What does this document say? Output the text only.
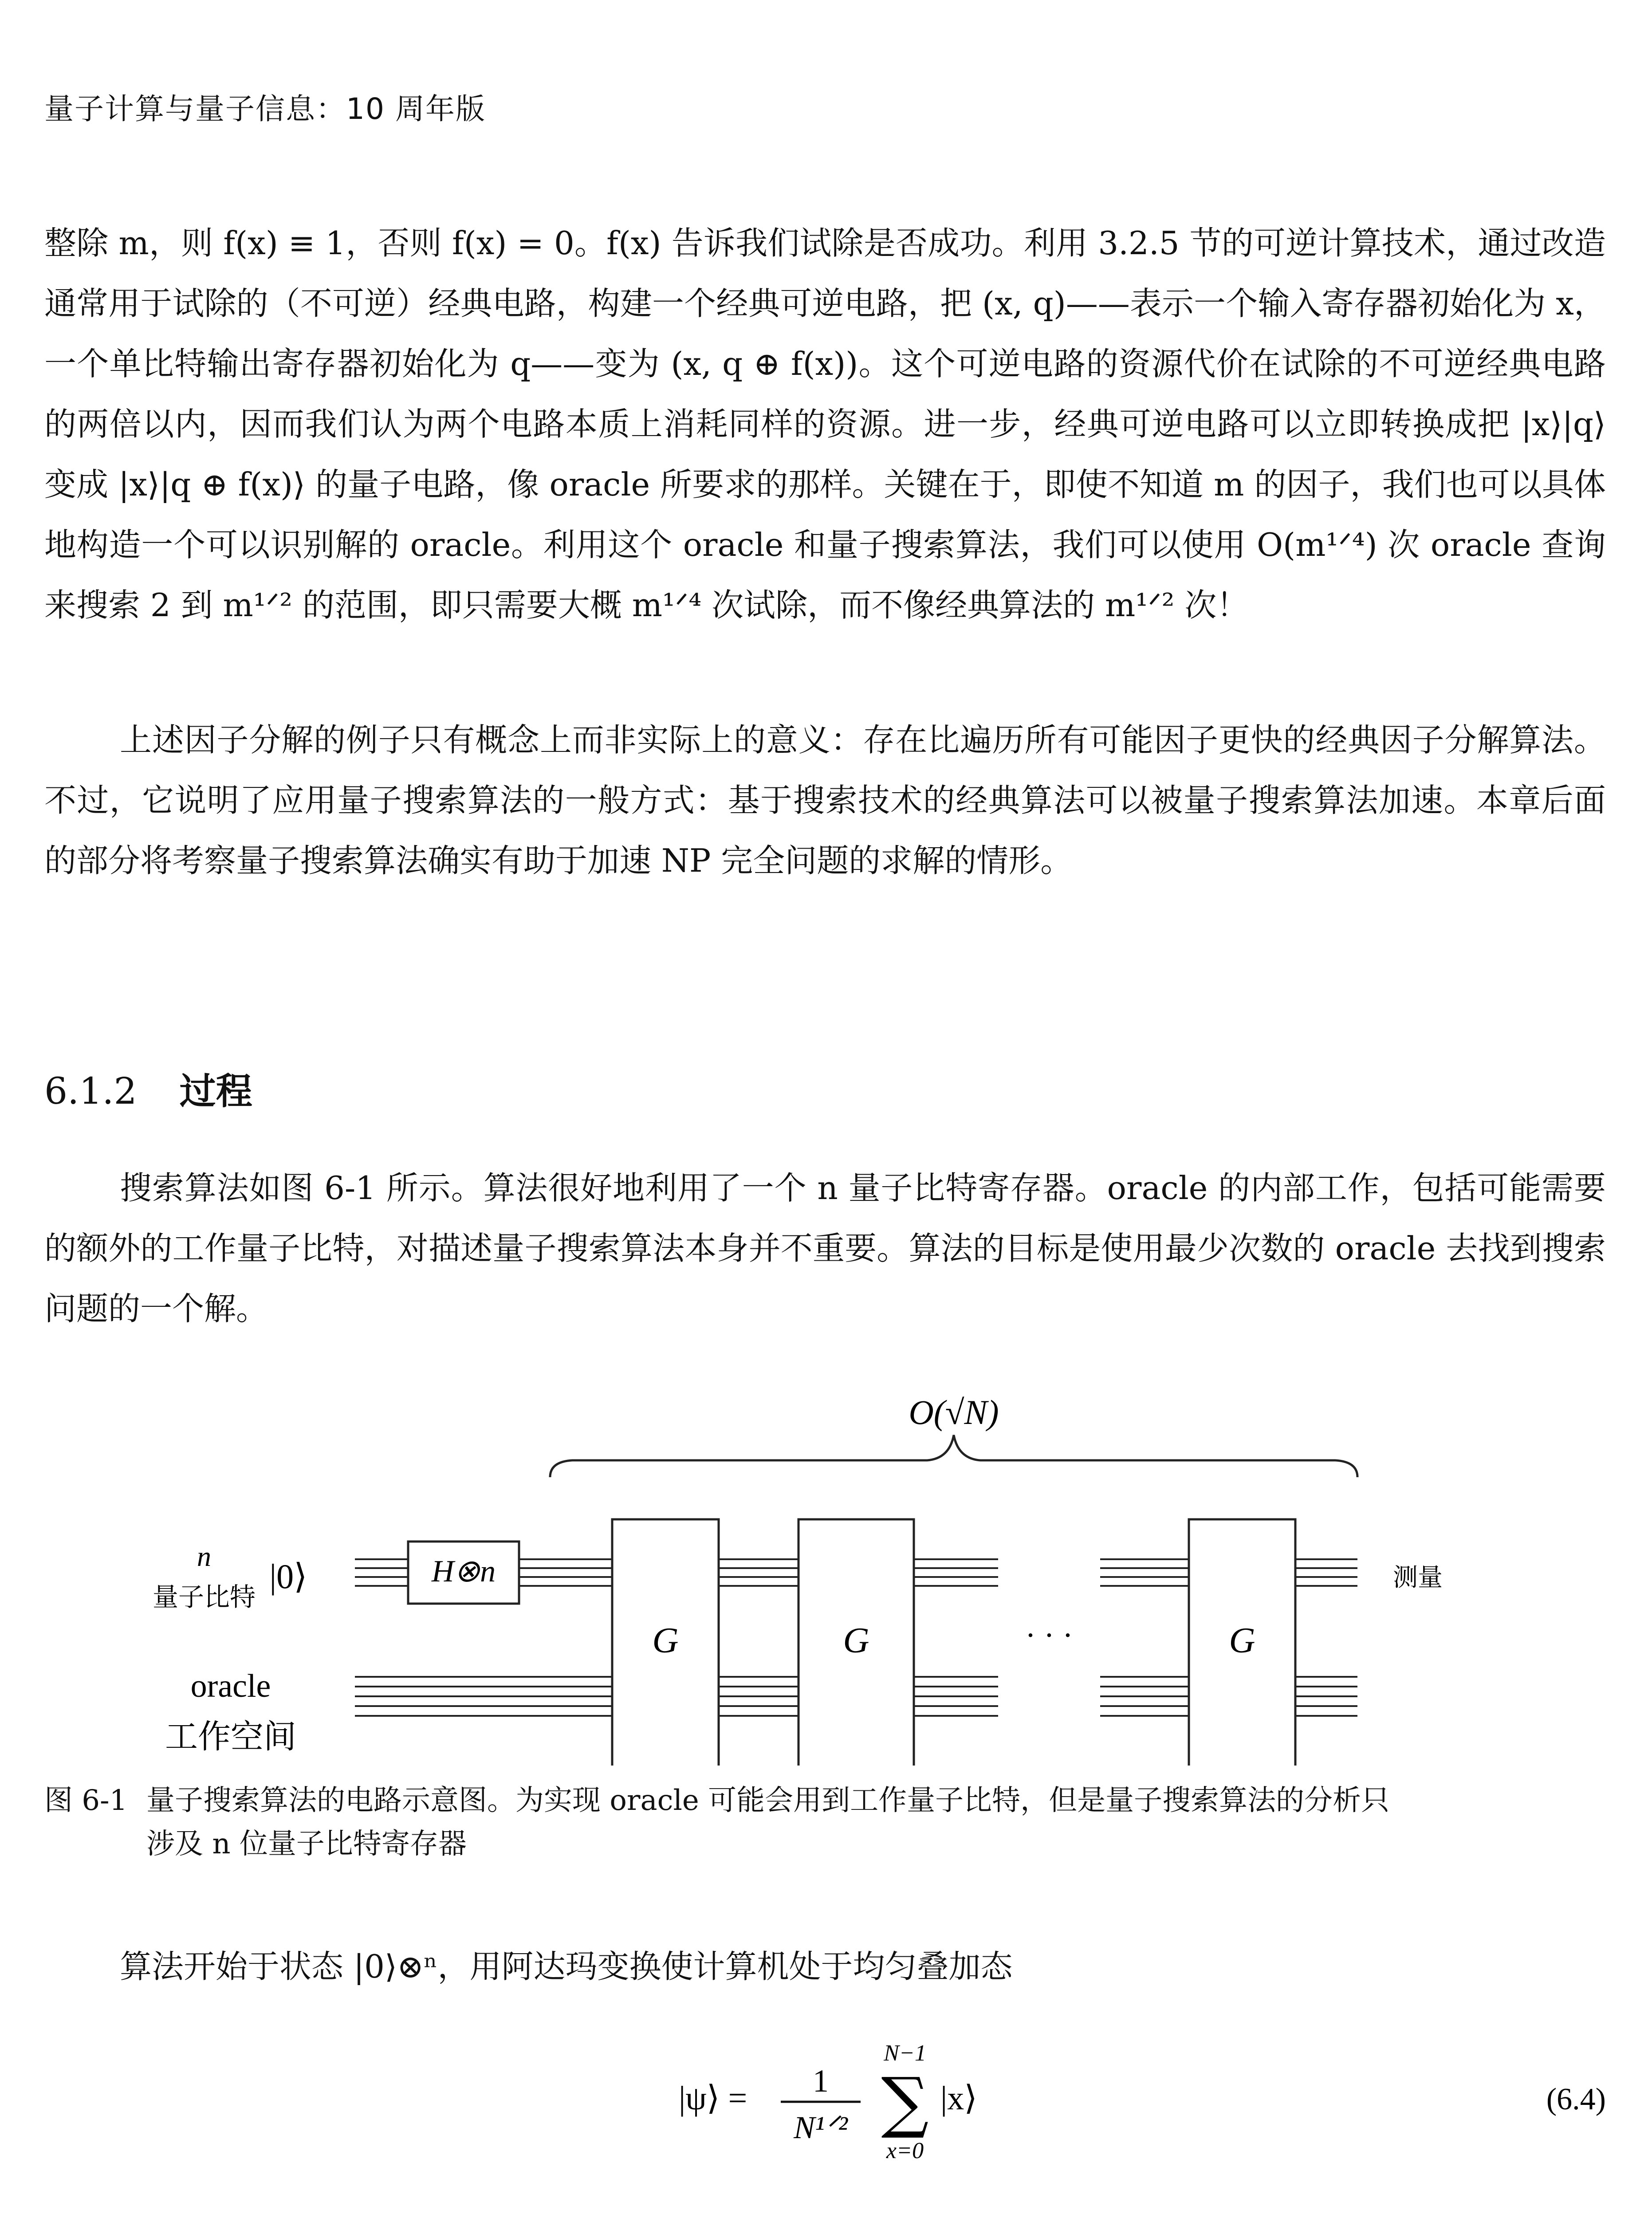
量子计算与量子信息：10 周年版

整除 m，则 f(x) ≡ 1，否则 f(x) = 0。f(x) 告诉我们试除是否成功。利用 3.2.5 节的可逆计算技术，通过改造通常用于试除的（不可逆）经典电路，构建一个经典可逆电路，把 (x, q)——表示一个输入寄存器初始化为 x，一个单比特输出寄存器初始化为 q——变为 (x, q ⊕ f(x))。这个可逆电路的资源代价在试除的不可逆经典电路的两倍以内，因而我们认为两个电路本质上消耗同样的资源。进一步，经典可逆电路可以立即转换成把 |x⟩|q⟩ 变成 |x⟩|q ⊕ f(x)⟩ 的量子电路，像 oracle 所要求的那样。关键在于，即使不知道 m 的因子，我们也可以具体地构造一个可以识别解的 oracle。利用这个 oracle 和量子搜索算法，我们可以使用 O(m¹ᐟ⁴) 次 oracle 查询来搜索 2 到 m¹ᐟ² 的范围，即只需要大概 m¹ᐟ⁴ 次试除，而不像经典算法的 m¹ᐟ² 次！

上述因子分解的例子只有概念上而非实际上的意义：存在比遍历所有可能因子更快的经典因子分解算法。不过，它说明了应用量子搜索算法的一般方式：基于搜索技术的经典算法可以被量子搜索算法加速。本章后面的部分将考察量子搜索算法确实有助于加速 NP 完全问题的求解的情形。

6.1.2 过程

搜索算法如图 6-1 所示。算法很好地利用了一个 n 量子比特寄存器。oracle 的内部工作，包括可能需要的额外的工作量子比特，对描述量子搜索算法本身并不重要。算法的目标是使用最少次数的 oracle 去找到搜索问题的一个解。

O(√N)
H⊗n
G	G	· · ·	G
n
量子比特
|0⟩
oracle
工作空间
测量

图 6-1 量子搜索算法的电路示意图。为实现 oracle 可能会用到工作量子比特，但是量子搜索算法的分析只
涉及 n 位量子比特寄存器

算法开始于状态 |0⟩⊗ⁿ，用阿达玛变换使计算机处于均匀叠加态

|ψ⟩ = 1
N¹ᐟ²
N−1
∑
x=0
|x⟩	(6.4)
